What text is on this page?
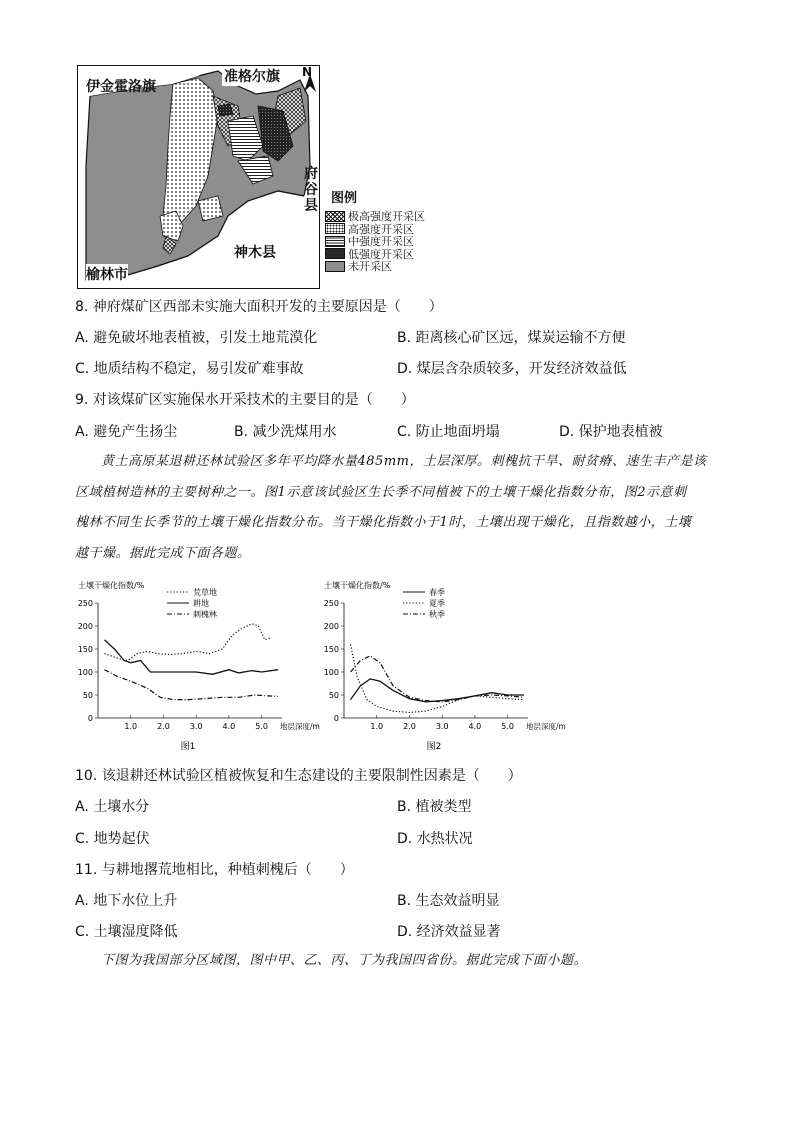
伊金霍洛旗
准格尔旗 N
府谷县
神木县
榆林市
图例
极高强度开采区
高强度开采区
中强度开采区
低强度开采区
未开采区
8. 神府煤矿区西部未实施大面积开发的主要原因是（　　）
A. 避免破坏地表植被，引发土地荒漠化	B. 距离核心矿区远，煤炭运输不方便
C. 地质结构不稳定，易引发矿难事故	D. 煤层含杂质较多，开发经济效益低
9. 对该煤矿区实施保水开采技术的主要目的是（　　）
A. 避免产生扬尘	B. 减少洗煤用水	C. 防止地面坍塌	D. 保护地表植被
黄土高原某退耕还林试验区多年平均降水量485mm，土层深厚。刺槐抗干旱、耐贫瘠、速生丰产是该
区域植树造林的主要树种之一。图1示意该试验区生长季不同植被下的土壤干燥化指数分布，图2示意刺
槐林不同生长季节的土壤干燥化指数分布。当干燥化指数小于1时，土壤出现干燥化，且指数越小，土壤
越干燥。据此完成下面各题。
土壤干燥化指数/%
0
50
100
150
200
250
1.0 2.0 3.0 4.0 5.0 地层深度/m
图1
荒草地
耕地
刺槐林
土壤干燥化指数/%
0
50
100
150
200
250
1.0 2.0 3.0 4.0 5.0 地层深度/m
图2
春季
夏季
秋季
10. 该退耕还林试验区植被恢复和生态建设的主要限制性因素是（　　）
A. 土壤水分	B. 植被类型
C. 地势起伏	D. 水热状况
11. 与耕地撂荒地相比，种植刺槐后（　　）
A. 地下水位上升	B. 生态效益明显
C. 土壤湿度降低	D. 经济效益显著
下图为我国部分区域图，图中甲、乙、丙、丁为我国四省份。据此完成下面小题。
